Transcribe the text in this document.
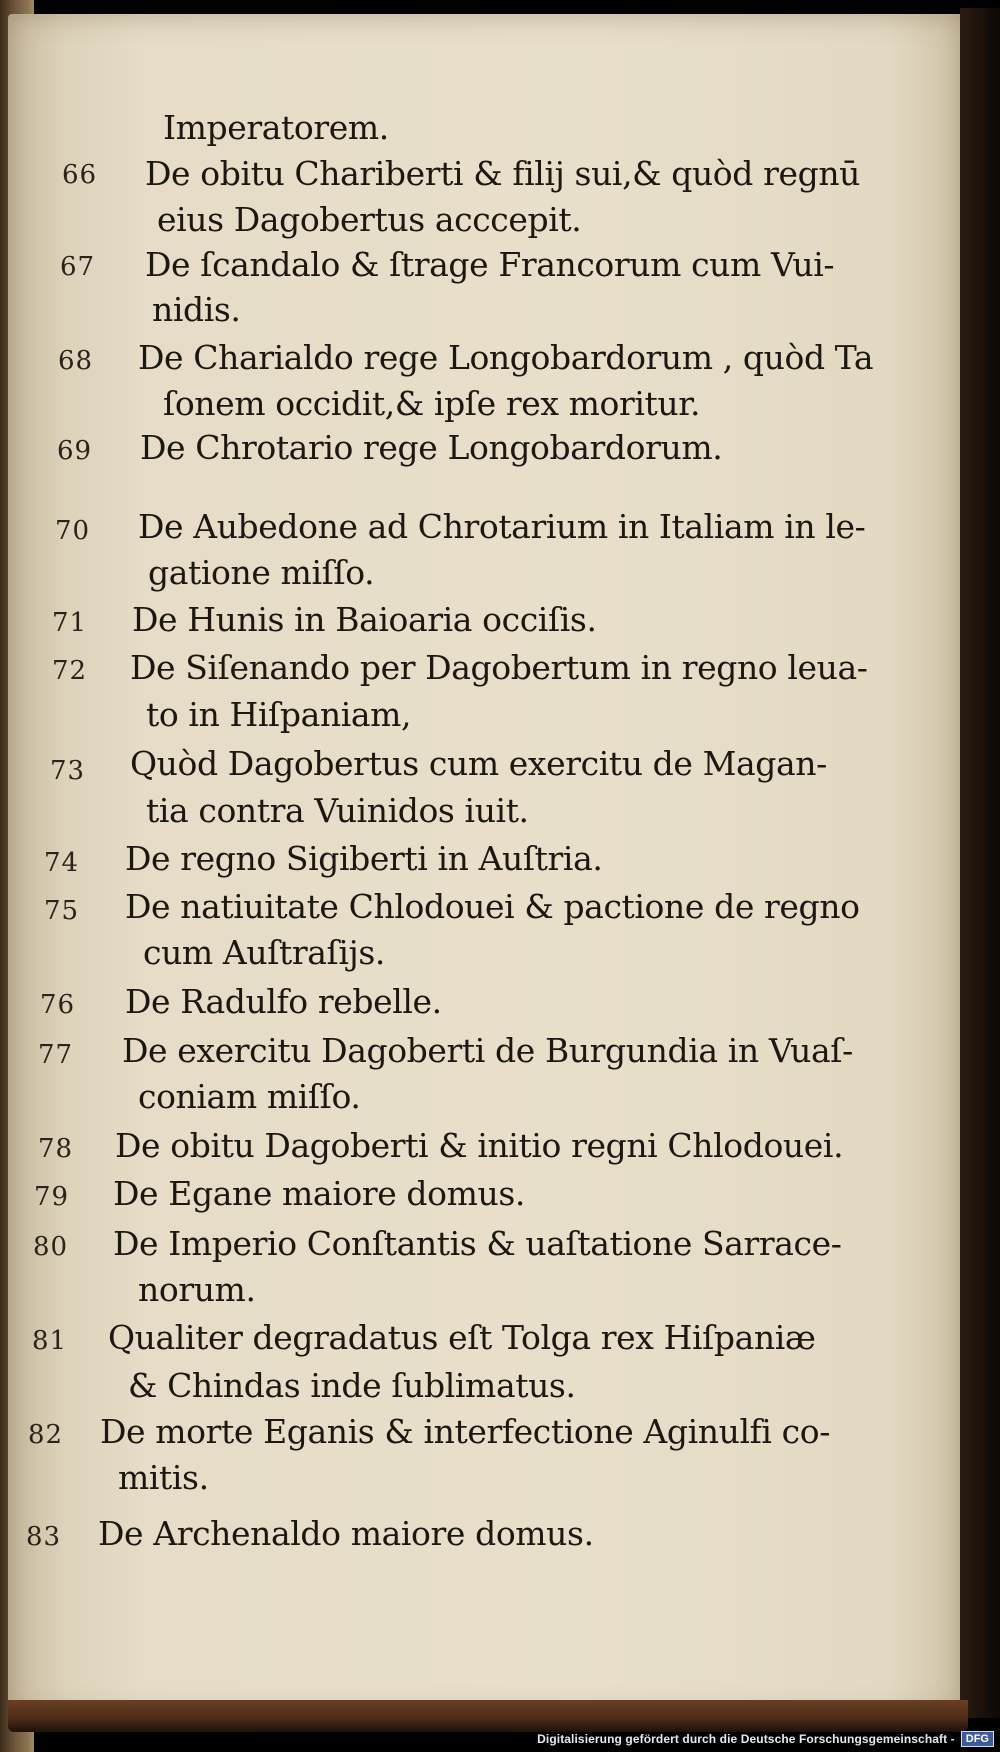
Imperatorem.
66 De obitu Chariberti & filij sui,& quòd regnū
eius Dagobertus acccepit.
67 De ſcandalo & ſtrage Francorum cum Vui-
nidis.
68 De Charialdo rege Longobardorum , quòd Ta
ſonem occidit,& ipſe rex moritur.
69 De Chrotario rege Longobardorum.
70 De Aubedone ad Chrotarium in Italiam in le-
gatione miſſo.
71 De Hunis in Baioaria occiſis.
72 De Siſenando per Dagobertum in regno leua-
to in Hiſpaniam,
73 Quòd Dagobertus cum exercitu de Magan-
tia contra Vuinidos iuit.
74 De regno Sigiberti in Auſtria.
75 De natiuitate Chlodouei & pactione de regno
cum Auſtraſijs.
76 De Radulfo rebelle.
77 De exercitu Dagoberti de Burgundia in Vuaſ-
coniam miſſo.
78 De obitu Dagoberti & initio regni Chlodouei.
79 De Egane maiore domus.
80 De Imperio Conſtantis & uaſtatione Sarrace-
norum.
81 Qualiter degradatus eſt Tolga rex Hiſpaniæ
& Chindas inde ſublimatus.
82 De morte Eganis & interfectione Aginulfi co-
mitis.
83 De Archenaldo maiore domus.
Digitalisierung gefördert durch die Deutsche Forschungsgemeinschaft -	DFG
